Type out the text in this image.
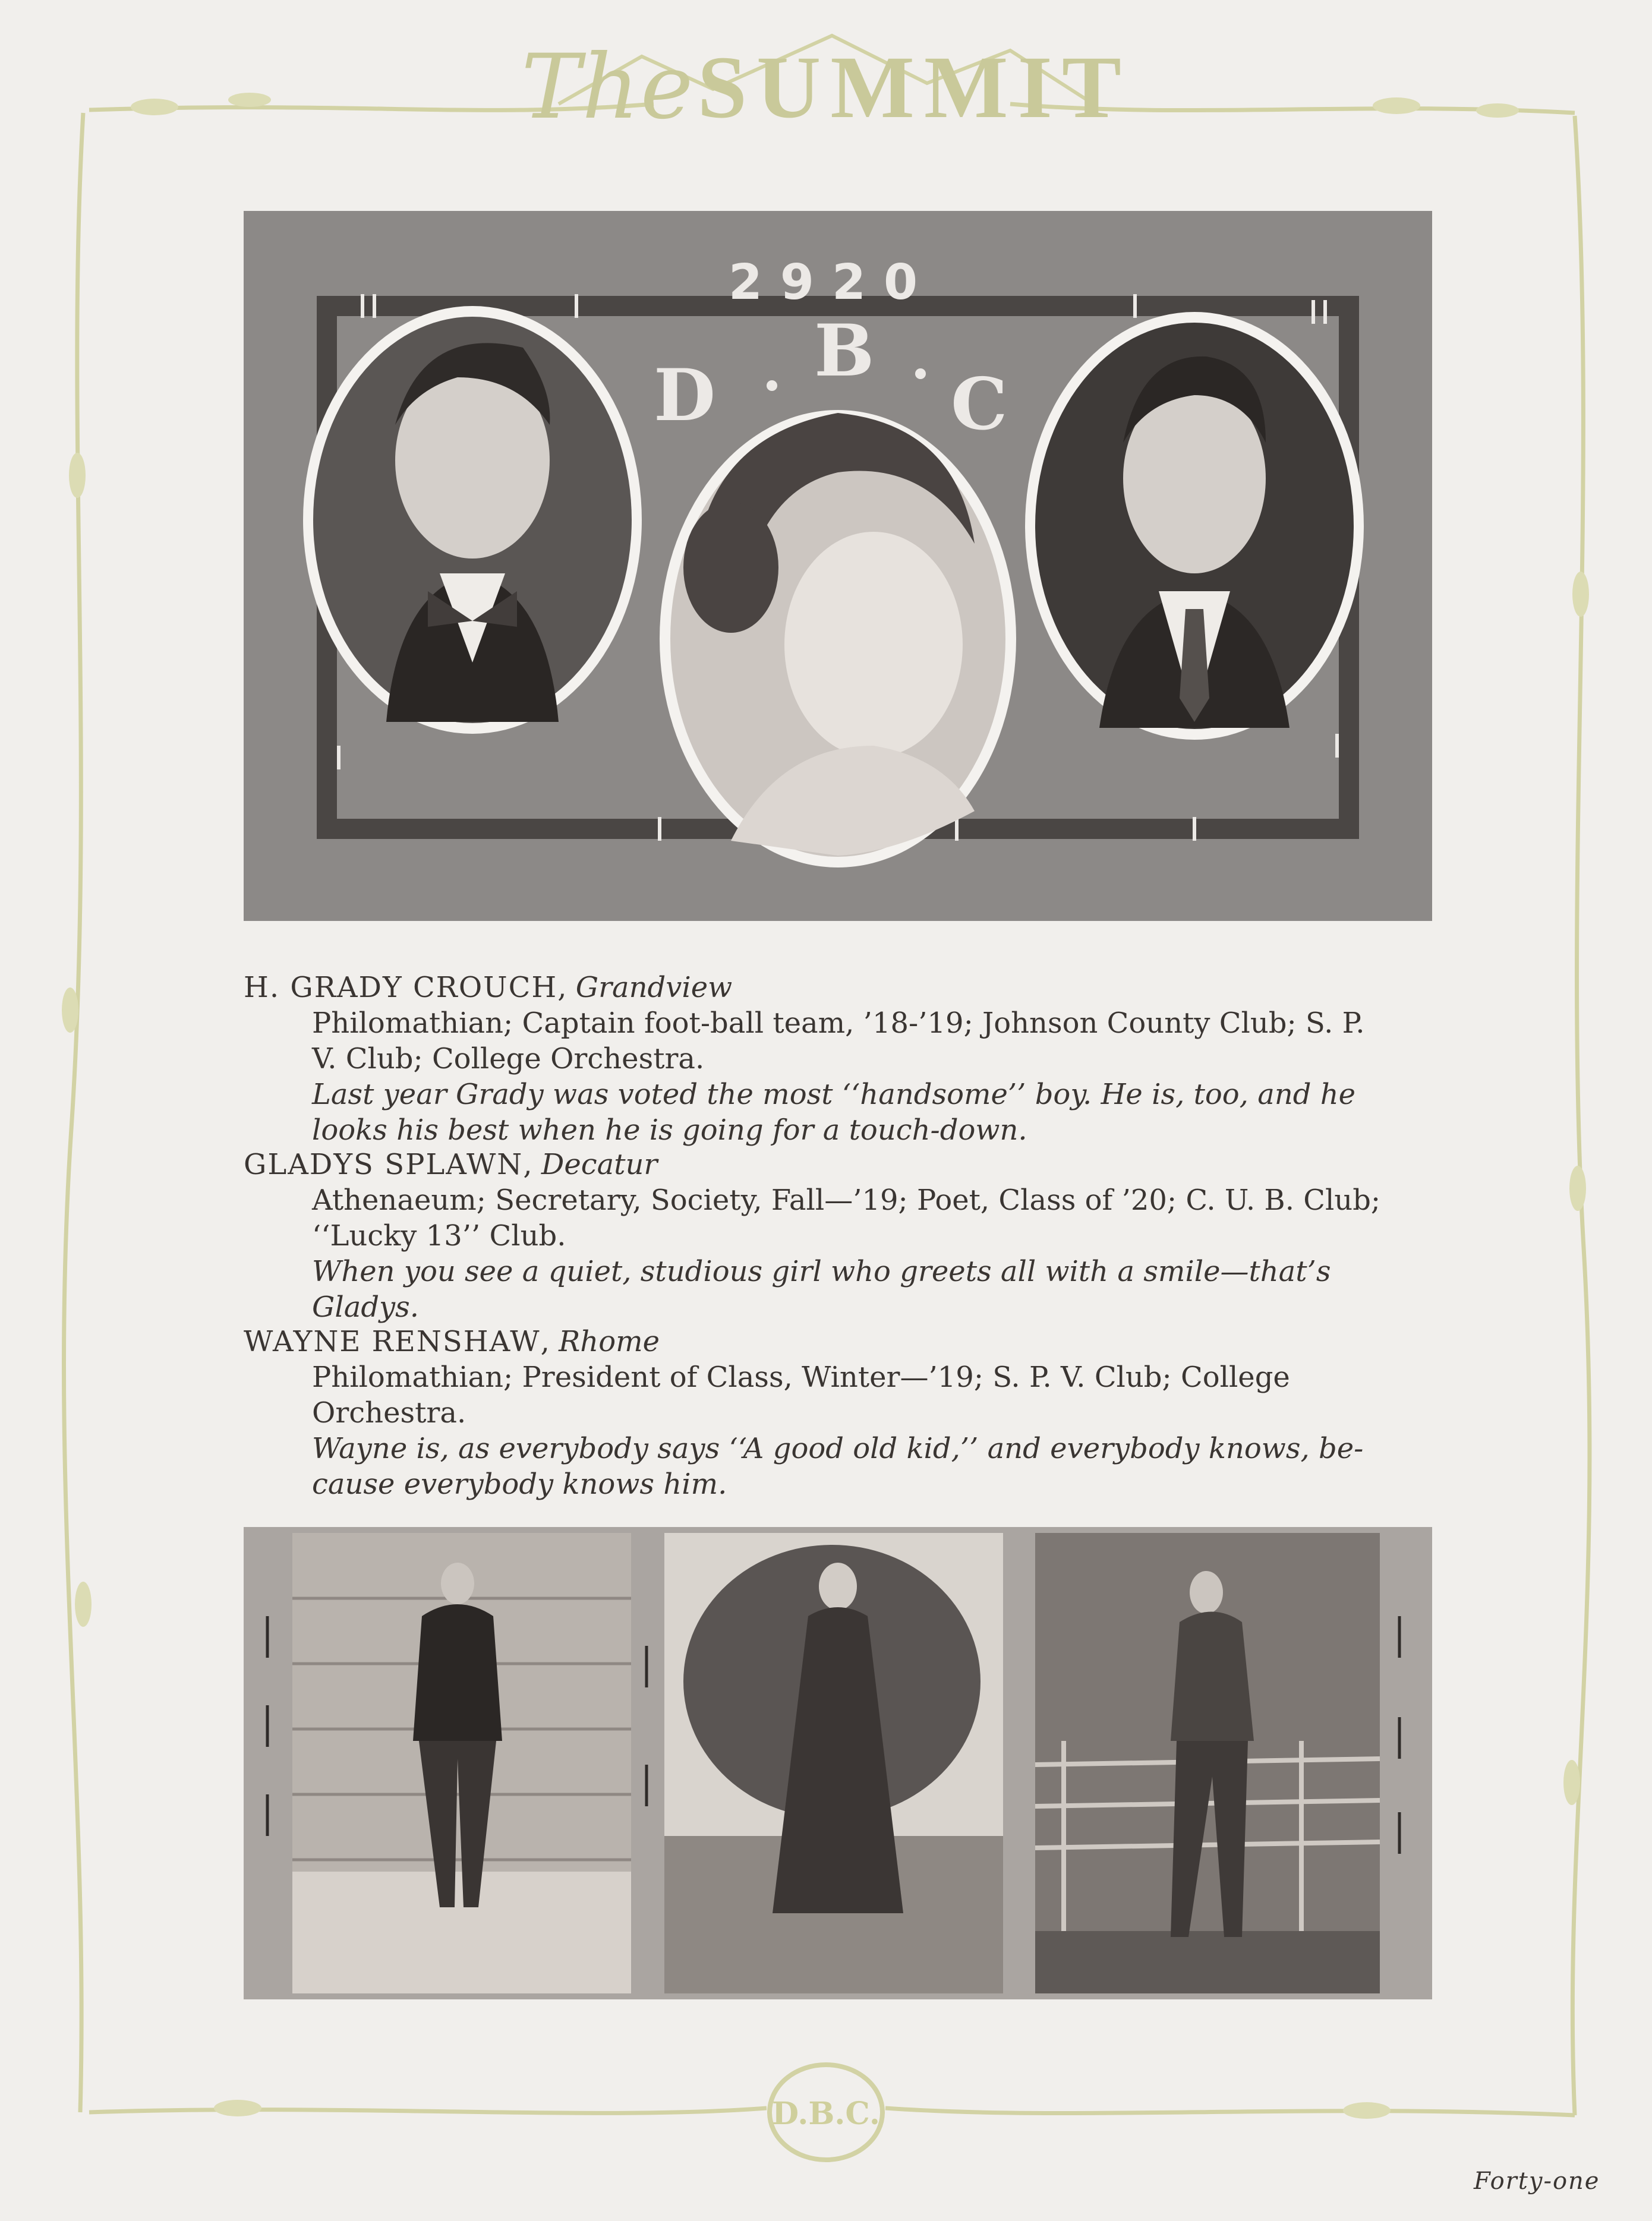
D.B.C.
The SUMMIT
2920
D
B
C
H. GRADY CROUCH, Grandview
Philomathian; Captain foot-ball team, ’18-’19; Johnson County Club; S. P.
V. Club; College Orchestra.
Last year Grady was voted the most ‘‘handsome’’ boy. He is, too, and he
looks his best when he is going for a touch-down.
GLADYS SPLAWN, Decatur
Athenaeum; Secretary, Society, Fall—’19; Poet, Class of ’20; C. U. B. Club;
‘‘Lucky 13’’ Club.
When you see a quiet, studious girl who greets all with a smile—that’s
Gladys.
WAYNE RENSHAW, Rhome
Philomathian; President of Class, Winter—’19; S. P. V. Club; College
Orchestra.
Wayne is, as everybody says ‘‘A good old kid,’’ and everybody knows, be-
cause everybody knows him.
Forty-one
